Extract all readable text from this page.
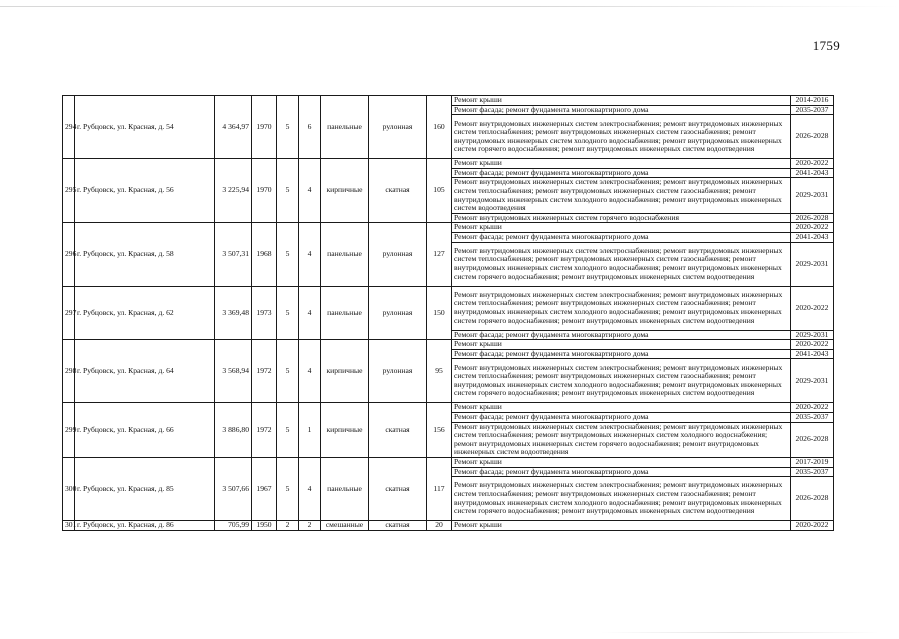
1759
294	г. Рубцовск, ул. Красная, д. 54	4 364,97	1970	5	6	панельные	рулонная	160	Ремонт крыши	2014-2016
									Ремонт фасада; ремонт фундамента многоквартирного дома	2035-2037
									Ремонт внутридомовых инженерных систем электроснабжения; ремонт внутридомовых инженерных систем теплоснабжения; ремонт внутридомовых инженерных систем газоснабжения; ремонт внутридомовых инженерных систем холодного водоснабжения; ремонт внутридомовых инженерных систем горячего водоснабжения; ремонт внутридомовых инженерных систем водоотведения	2026-2028
295	г. Рубцовск, ул. Красная, д. 56	3 225,94	1970	5	4	кирпичные	скатная	105	Ремонт крыши	2020-2022
									Ремонт фасада; ремонт фундамента многоквартирного дома	2041-2043
									Ремонт внутридомовых инженерных систем электроснабжения; ремонт внутридомовых инженерных систем теплоснабжения; ремонт внутридомовых инженерных систем газоснабжения; ремонт внутридомовых инженерных систем холодного водоснабжения; ремонт внутридомовых инженерных систем водоотведения	2029-2031
									Ремонт внутридомовых инженерных систем горячего водоснабжения	2026-2028
296	г. Рубцовск, ул. Красная, д. 58	3 507,31	1968	5	4	панельные	рулонная	127	Ремонт крыши	2020-2022
									Ремонт фасада; ремонт фундамента многоквартирного дома	2041-2043
									Ремонт внутридомовых инженерных систем электроснабжения; ремонт внутридомовых инженерных систем теплоснабжения; ремонт внутридомовых инженерных систем газоснабжения; ремонт внутридомовых инженерных систем холодного водоснабжения; ремонт внутридомовых инженерных систем горячего водоснабжения; ремонт внутридомовых инженерных систем водоотведения	2029-2031
297	г. Рубцовск, ул. Красная, д. 62	3 369,48	1973	5	4	панельные	рулонная	150	Ремонт внутридомовых инженерных систем электроснабжения; ремонт внутридомовых инженерных систем теплоснабжения; ремонт внутридомовых инженерных систем газоснабжения; ремонт внутридомовых инженерных систем холодного водоснабжения; ремонт внутридомовых инженерных систем горячего водоснабжения; ремонт внутридомовых инженерных систем водоотведения	2020-2022
									Ремонт фасада; ремонт фундамента многоквартирного дома	2029-2031
298	г. Рубцовск, ул. Красная, д. 64	3 568,94	1972	5	4	кирпичные	рулонная	95	Ремонт крыши	2020-2022
									Ремонт фасада; ремонт фундамента многоквартирного дома	2041-2043
									Ремонт внутридомовых инженерных систем электроснабжения; ремонт внутридомовых инженерных систем теплоснабжения; ремонт внутридомовых инженерных систем газоснабжения; ремонт внутридомовых инженерных систем холодного водоснабжения; ремонт внутридомовых инженерных систем горячего водоснабжения; ремонт внутридомовых инженерных систем водоотведения	2029-2031
299	г. Рубцовск, ул. Красная, д. 66	3 886,80	1972	5	1	кирпичные	скатная	156	Ремонт крыши	2020-2022
									Ремонт фасада; ремонт фундамента многоквартирного дома	2035-2037
									Ремонт внутридомовых инженерных систем электроснабжения; ремонт внутридомовых инженерных систем теплоснабжения; ремонт внутридомовых инженерных систем холодного водоснабжения; ремонт внутридомовых инженерных систем горячего водоснабжения; ремонт внутридомовых инженерных систем водоотведения	2026-2028
300	г. Рубцовск, ул. Красная, д. 85	3 507,66	1967	5	4	панельные	скатная	117	Ремонт крыши	2017-2019
									Ремонт фасада; ремонт фундамента многоквартирного дома	2035-2037
									Ремонт внутридомовых инженерных систем электроснабжения; ремонт внутридомовых инженерных систем теплоснабжения; ремонт внутридомовых инженерных систем газоснабжения; ремонт внутридомовых инженерных систем холодного водоснабжения; ремонт внутридомовых инженерных систем горячего водоснабжения; ремонт внутридомовых инженерных систем водоотведения	2026-2028
301	г. Рубцовск, ул. Красная, д. 86	705,99	1950	2	2	смешанные	скатная	20	Ремонт крыши	2020-2022
